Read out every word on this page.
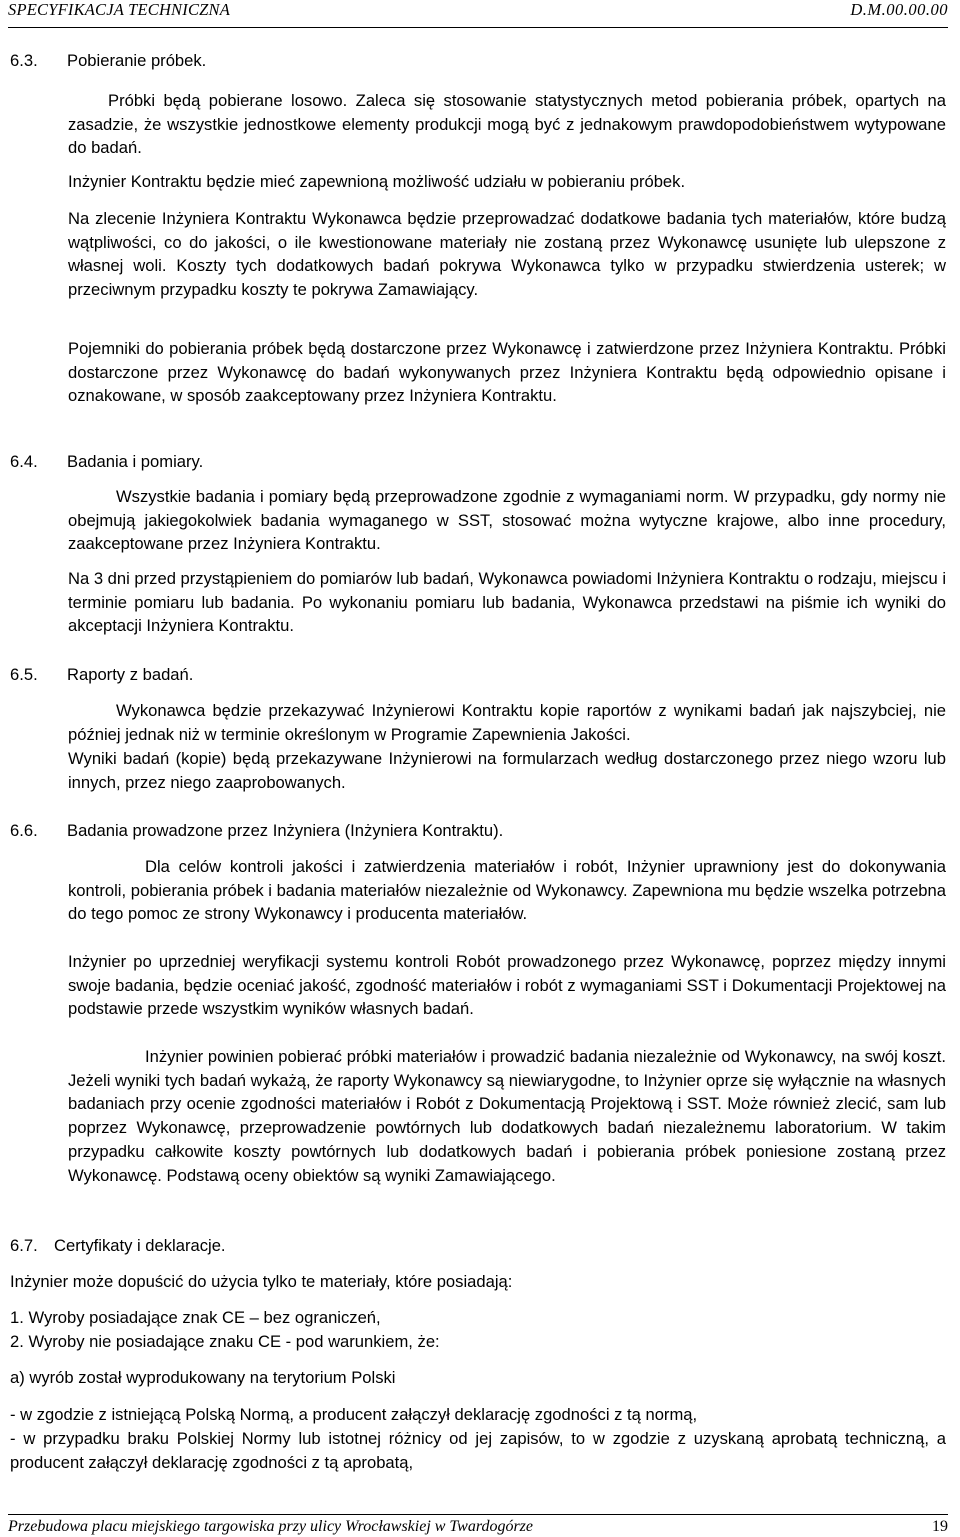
SPECYFIKACJA TECHNICZNA	D.M.00.00.00
6.3. Pobieranie próbek.

Próbki będą pobierane losowo. Zaleca się stosowanie statystycznych metod pobierania próbek, opartych na zasadzie, że wszystkie jednostkowe elementy produkcji mogą być z jednakowym prawdopodobieństwem wytypowane do badań.

Inżynier Kontraktu będzie mieć zapewnioną możliwość udziału w pobieraniu próbek.

Na zlecenie Inżyniera Kontraktu Wykonawca będzie przeprowadzać dodatkowe badania tych materiałów, które budzą wątpliwości, co do jakości, o ile kwestionowane materiały nie zostaną przez Wykonawcę usunięte lub ulepszone z własnej woli. Koszty tych dodatkowych badań pokrywa Wykonawca tylko w przypadku stwierdzenia usterek; w przeciwnym przypadku koszty te pokrywa Zamawiający.

Pojemniki do pobierania próbek będą dostarczone przez Wykonawcę i zatwierdzone przez Inżyniera Kontraktu. Próbki dostarczone przez Wykonawcę do badań wykonywanych przez Inżyniera Kontraktu będą odpowiednio opisane i oznakowane, w sposób zaakceptowany przez Inżyniera Kontraktu.

6.4. Badania i pomiary.

Wszystkie badania i pomiary będą przeprowadzone zgodnie z wymaganiami norm. W przypadku, gdy normy nie obejmują jakiegokolwiek badania wymaganego w SST, stosować można wytyczne krajowe, albo inne procedury, zaakceptowane przez Inżyniera Kontraktu.

Na 3 dni przed przystąpieniem do pomiarów lub badań, Wykonawca powiadomi Inżyniera Kontraktu o rodzaju, miejscu i terminie pomiaru lub badania. Po wykonaniu pomiaru lub badania, Wykonawca przedstawi na piśmie ich wyniki do akceptacji Inżyniera Kontraktu.

6.5. Raporty z badań.

Wykonawca będzie przekazywać Inżynierowi Kontraktu kopie raportów z wynikami badań jak najszybciej, nie później jednak niż w terminie określonym w Programie Zapewnienia Jakości.

Wyniki badań (kopie) będą przekazywane Inżynierowi na formularzach według dostarczonego przez niego wzoru lub innych, przez niego zaaprobowanych.

6.6. Badania prowadzone przez Inżyniera (Inżyniera Kontraktu).

Dla celów kontroli jakości i zatwierdzenia materiałów i robót, Inżynier uprawniony jest do dokonywania kontroli, pobierania próbek i badania materiałów niezależnie od Wykonawcy. Zapewniona mu będzie wszelka potrzebna do tego pomoc ze strony Wykonawcy i producenta materiałów.

Inżynier po uprzedniej weryfikacji systemu kontroli Robót prowadzonego przez Wykonawcę, poprzez między innymi swoje badania, będzie oceniać jakość, zgodność materiałów i robót z wymaganiami SST i Dokumentacji Projektowej na podstawie przede wszystkim wyników własnych badań.

Inżynier powinien pobierać próbki materiałów i prowadzić badania niezależnie od Wykonawcy, na swój koszt. Jeżeli wyniki tych badań wykażą, że raporty Wykonawcy są niewiarygodne, to Inżynier oprze się wyłącznie na własnych badaniach przy ocenie zgodności materiałów i Robót z Dokumentacją Projektową i SST. Może również zlecić, sam lub poprzez Wykonawcę, przeprowadzenie powtórnych lub dodatkowych badań niezależnemu laboratorium. W takim przypadku całkowite koszty powtórnych lub dodatkowych badań i pobierania próbek poniesione zostaną przez Wykonawcę. Podstawą oceny obiektów są wyniki Zamawiającego.

6.7. Certyfikaty i deklaracje.

Inżynier może dopuścić do użycia tylko te materiały, które posiadają:

1. Wyroby posiadające znak CE – bez ograniczeń,

2. Wyroby nie posiadające znaku CE - pod warunkiem, że:

a) wyrób został wyprodukowany na terytorium Polski

- w zgodzie z istniejącą Polską Normą, a producent załączył deklarację zgodności z tą normą,

- w przypadku braku Polskiej Normy lub istotnej różnicy od jej zapisów, to w zgodzie z uzyskaną aprobatą techniczną, a producent załączył deklarację zgodności z tą aprobatą,

Przebudowa placu miejskiego targowiska przy ulicy Wrocławskiej w Twardogórze	19
